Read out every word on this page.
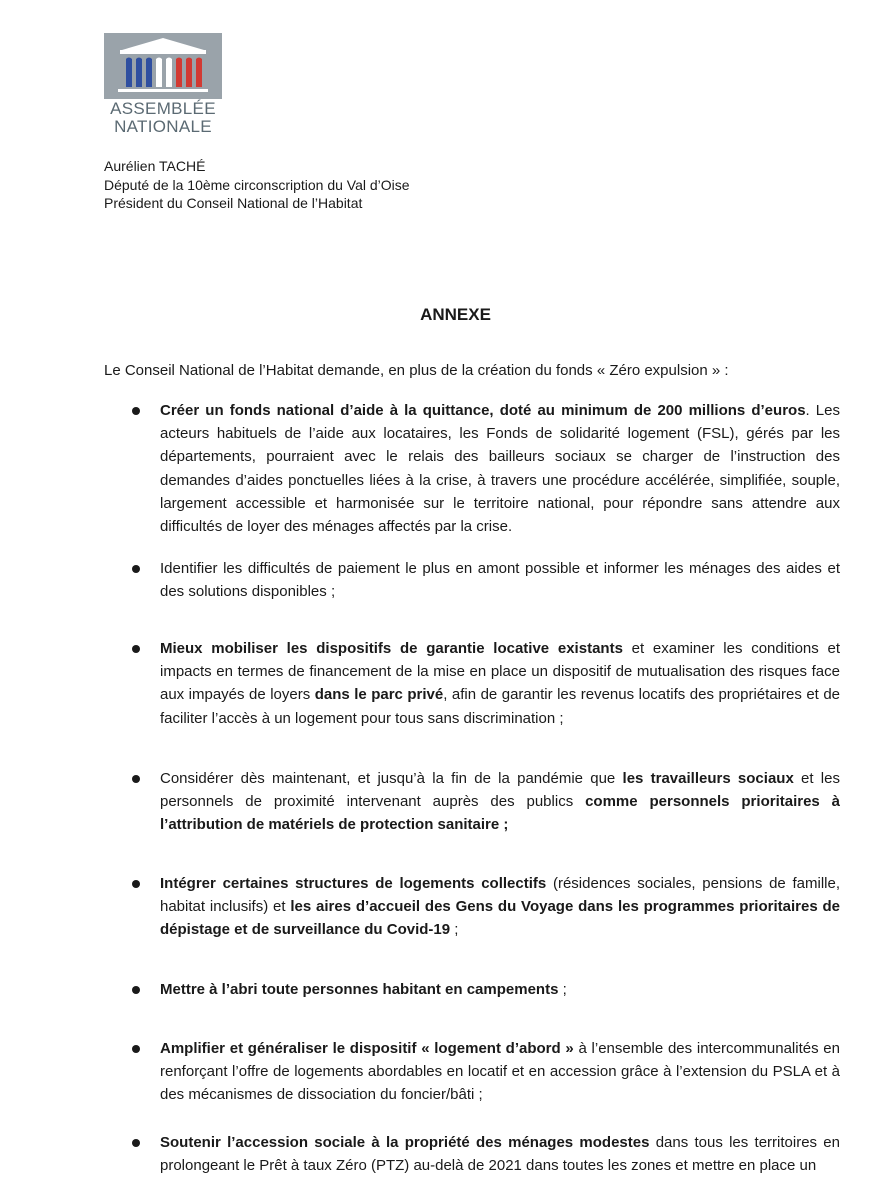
ASSEMBLÉE
NATIONALE
Aurélien TACHÉ
Député de la 10ème circonscription du Val d’Oise
Président du Conseil National de l’Habitat
ANNEXE
Le Conseil National de l’Habitat demande, en plus de la création du fonds « Zéro expulsion » :
Créer un fonds national d’aide à la quittance, doté au minimum de 200 millions d’euros. Les acteurs habituels de l’aide aux locataires, les Fonds de solidarité logement (FSL), gérés par les départements, pourraient avec le relais des bailleurs sociaux se charger de l’instruction des demandes d’aides ponctuelles liées à la crise, à travers une procédure accélérée, simplifiée, souple, largement accessible et harmonisée sur le territoire national, pour répondre sans attendre aux difficultés de loyer des ménages affectés par la crise.
Identifier les difficultés de paiement le plus en amont possible et informer les ménages des aides et des solutions disponibles ;
Mieux mobiliser les dispositifs de garantie locative existants et examiner les conditions et impacts en termes de financement de la mise en place un dispositif de mutualisation des risques face aux impayés de loyers dans le parc privé, afin de garantir les revenus locatifs des propriétaires et de faciliter l’accès à un logement pour tous sans discrimination ;
Considérer dès maintenant, et jusqu’à la fin de la pandémie que les travailleurs sociaux et les personnels de proximité intervenant auprès des publics comme personnels prioritaires à l’attribution de matériels de protection sanitaire ;
Intégrer certaines structures de logements collectifs (résidences sociales, pensions de famille, habitat inclusifs) et les aires d’accueil des Gens du Voyage dans les programmes prioritaires de dépistage et de surveillance du Covid-19 ;
Mettre à l’abri toute personnes habitant en campements ;
Amplifier et généraliser le dispositif « logement d’abord » à l’ensemble des intercommunalités en renforçant l’offre de logements abordables en locatif et en accession grâce à l’extension du PSLA et à des mécanismes de dissociation du foncier/bâti ;
Soutenir l’accession sociale à la propriété des ménages modestes dans tous les territoires en prolongeant le Prêt à taux Zéro (PTZ) au-delà de 2021 dans toutes les zones et mettre en place un
